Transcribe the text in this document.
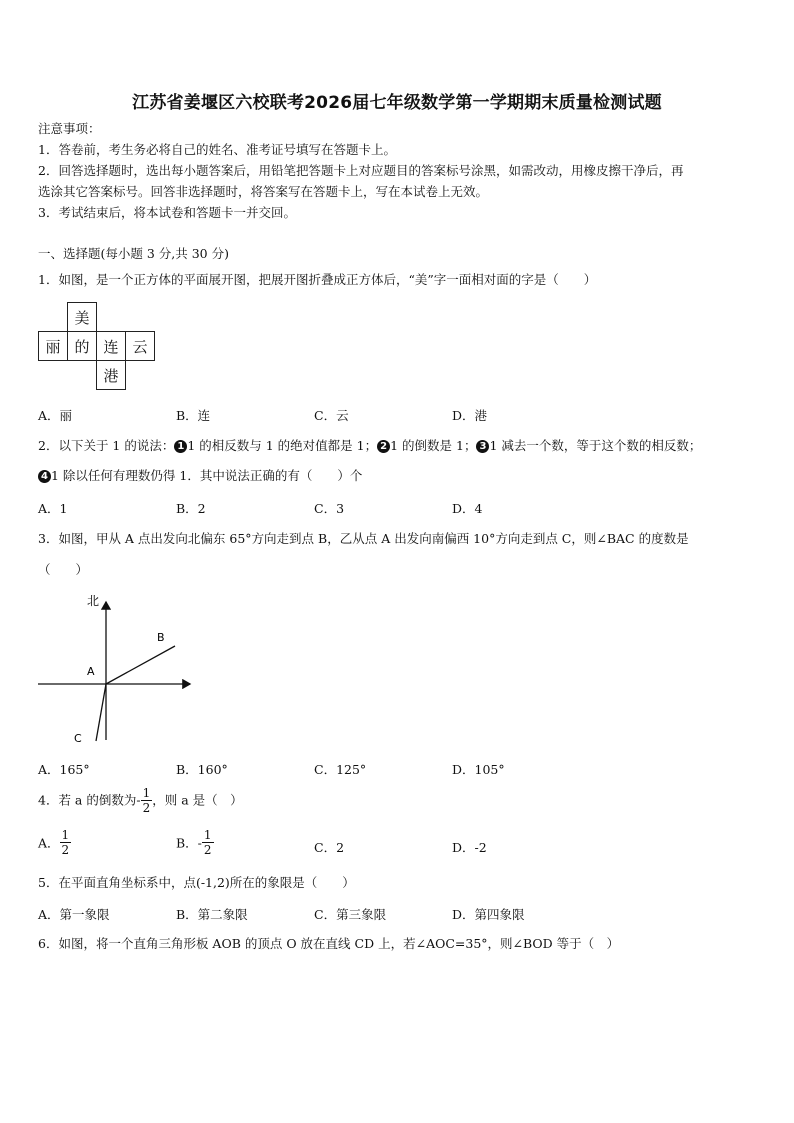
江苏省姜堰区六校联考2026届七年级数学第一学期期末质量检测试题
注意事项：
1．答卷前，考生务必将自己的姓名、准考证号填写在答题卡上。
2．回答选择题时，选出每小题答案后，用铅笔把答题卡上对应题目的答案标号涂黑，如需改动，用橡皮擦干净后，再
选涂其它答案标号。回答非选择题时，将答案写在答题卡上，写在本试卷上无效。
3．考试结束后，将本试卷和答题卡一并交回。
一、选择题(每小题 3 分,共 30 分)
1．如图，是一个正方体的平面展开图，把展开图折叠成正方体后，“美”字一面相对面的字是（　　）
	美		
丽	的	连	云
		港	
A．丽	B．连	C．云	D．港
2．以下关于 1 的说法： 1 1 的相反数与 1 的绝对值都是 1； 2 1 的倒数是 1； 3 1 减去一个数，等于这个数的相反数；
4 1 除以任何有理数仍得 1．其中说法正确的有（　　）个
A．1	B．2	C．3	D．4
3．如图，甲从 A 点出发向北偏东 65°方向走到点 B，乙从点 A 出发向南偏西 10°方向走到点 C，则∠BAC 的度数是
（　　）
北
A
B
C
A．165°	B．160°	C．125°	D．105°
4．若 a 的倒数为- $\frac{1}{2}$ ，则 a 是（　）
A． $\frac{1}{2}$	B．- $\frac{1}{2}$	C．2	D．-2
5．在平面直角坐标系中，点(-1,2)所在的象限是（　　）
A．第一象限	B．第二象限	C．第三象限	D．第四象限
6．如图，将一个直角三角形板 AOB 的顶点 O 放在直线 CD 上，若∠AOC=35°，则∠BOD 等于（　）
